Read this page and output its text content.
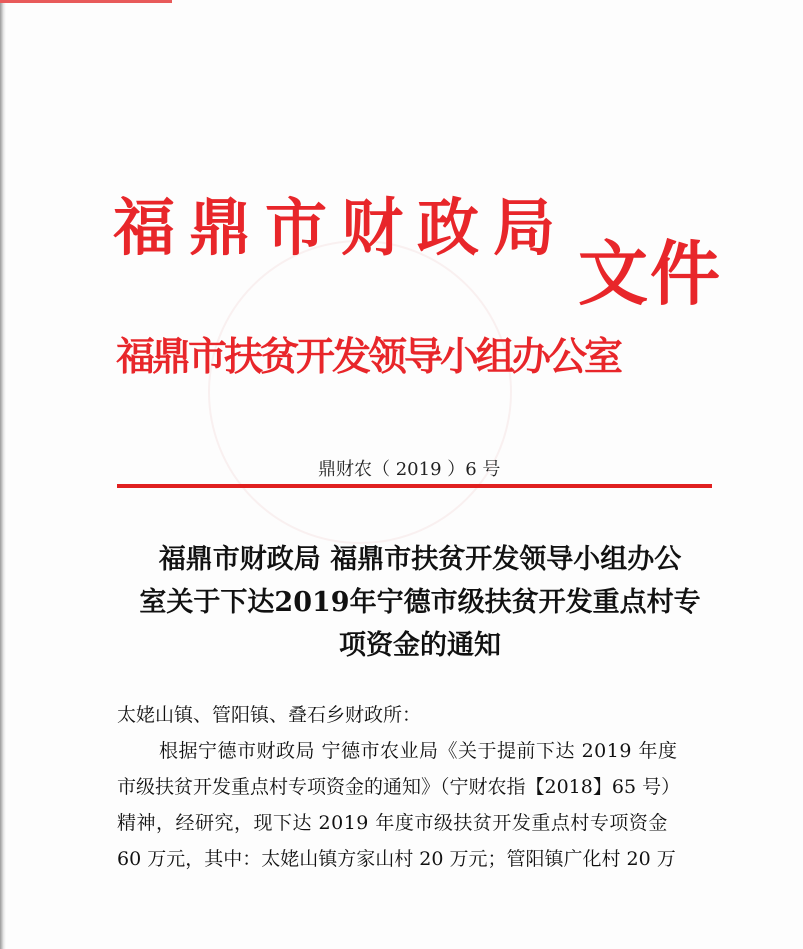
福鼎市财政局
文件
福鼎市扶贫开发领导小组办公室
鼎财农（ 2019 ）6 号
福鼎市财政局 福鼎市扶贫开发领导小组办公
室关于下达2019年宁德市级扶贫开发重点村专
项资金的通知
太姥山镇、管阳镇、叠石乡财政所：
根据宁德市财政局 宁德市农业局《关于提前下达 2019 年度
市级扶贫开发重点村专项资金的通知》（宁财农指【2018】65 号）
精神，经研究，现下达 2019 年度市级扶贫开发重点村专项资金
60 万元，其中：太姥山镇方家山村 20 万元；管阳镇广化村 20 万
